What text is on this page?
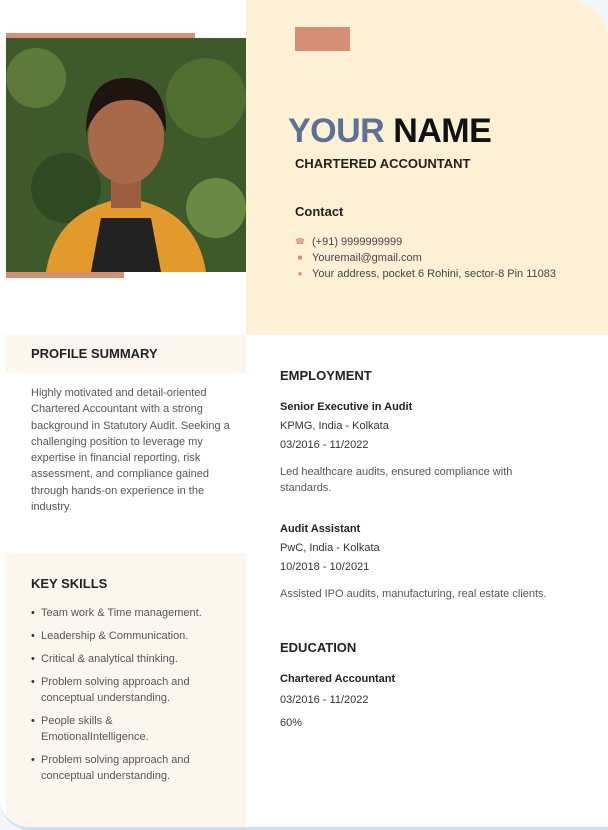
YOUR NAME
CHARTERED ACCOUNTANT
Contact
☎ (+91) 9999999999
■ Youremail@gmail.com
● Your address, pocket 6 Rohini, sector-8 Pin 11083
PROFILE SUMMARY
Highly motivated and detail-oriented Chartered Accountant with a strong background in Statutory Audit. Seeking a challenging position to leverage my expertise in financial reporting, risk assessment, and compliance gained through hands-on experience in the industry.
KEY SKILLS
• Team work & Time management.
• Leadership & Communication.
• Critical & analytical thinking.
• Problem solving approach and conceptual understanding.
• People skills & EmotionalIntelligence.
• Problem solving approach and conceptual understanding.
EMPLOYMENT
Senior Executive in Audit
KPMG, India - Kolkata
03/2016 - 11/2022
Led healthcare audits, ensured compliance with standards.
Audit Assistant
PwC, India - Kolkata
10/2018 - 10/2021
Assisted IPO audits, manufacturing, real estate clients.
EDUCATION
Chartered Accountant
03/2016 - 11/2022
60%
